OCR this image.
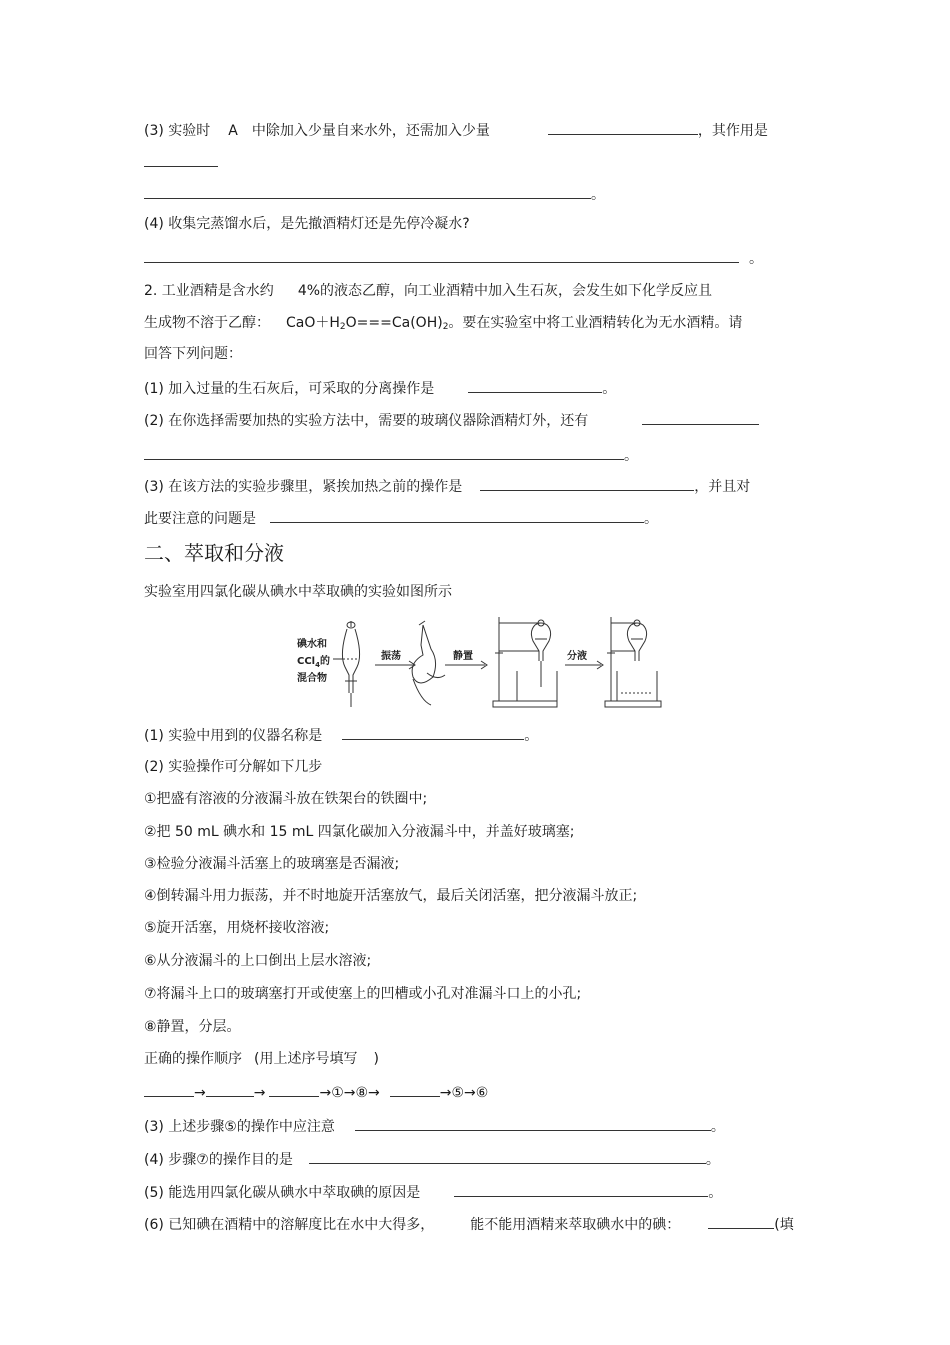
(3) 实验时 A 中除加入少量自来水外，还需加入少量	，其作用是
。
(4) 收集完蒸馏水后，是先撤酒精灯还是先停冷凝水?
。
2. 工业酒精是含水约 4%的液态乙醇，向工业酒精中加入生石灰，会发生如下化学反应且
生成物不溶于乙醇： $CaO+H_2O===Ca(OH)_2$。要在实验室中将工业酒精转化为无水酒精。请
回答下列问题：
(1) 加入过量的生石灰后，可采取的分离操作是	。
(2) 在你选择需要加热的实验方法中，需要的玻璃仪器除酒精灯外，还有
。
(3) 在该方法的实验步骤里，紧挨加热之前的操作是	，并且对
此要注意的问题是	。
二、萃取和分液
实验室用四氯化碳从碘水中萃取碘的实验如图所示
碘水和
CCl$_4$的
混合物
振荡	静置	分液
(1) 实验中用到的仪器名称是	。
(2) 实验操作可分解如下几步
①把盛有溶液的分液漏斗放在铁架台的铁圈中;
②把 50 mL 碘水和 15 mL 四氯化碳加入分液漏斗中，并盖好玻璃塞;
③检验分液漏斗活塞上的玻璃塞是否漏液;
④倒转漏斗用力振荡，并不时地旋开活塞放气，最后关闭活塞，把分液漏斗放正;
⑤旋开活塞，用烧杯接收溶液;
⑥从分液漏斗的上口倒出上层水溶液;
⑦将漏斗上口的玻璃塞打开或使塞上的凹槽或小孔对准漏斗口上的小孔;
⑧静置，分层。
正确的操作顺序 (用上述序号填写 )
→	→	→①→⑧→	→⑤→⑥
(3) 上述步骤⑤的操作中应注意	。
(4) 步骤⑦的操作目的是	。
(5) 能选用四氯化碳从碘水中萃取碘的原因是	。
(6) 已知碘在酒精中的溶解度比在水中大得多，	能不能用酒精来萃取碘水中的碘：	(填
